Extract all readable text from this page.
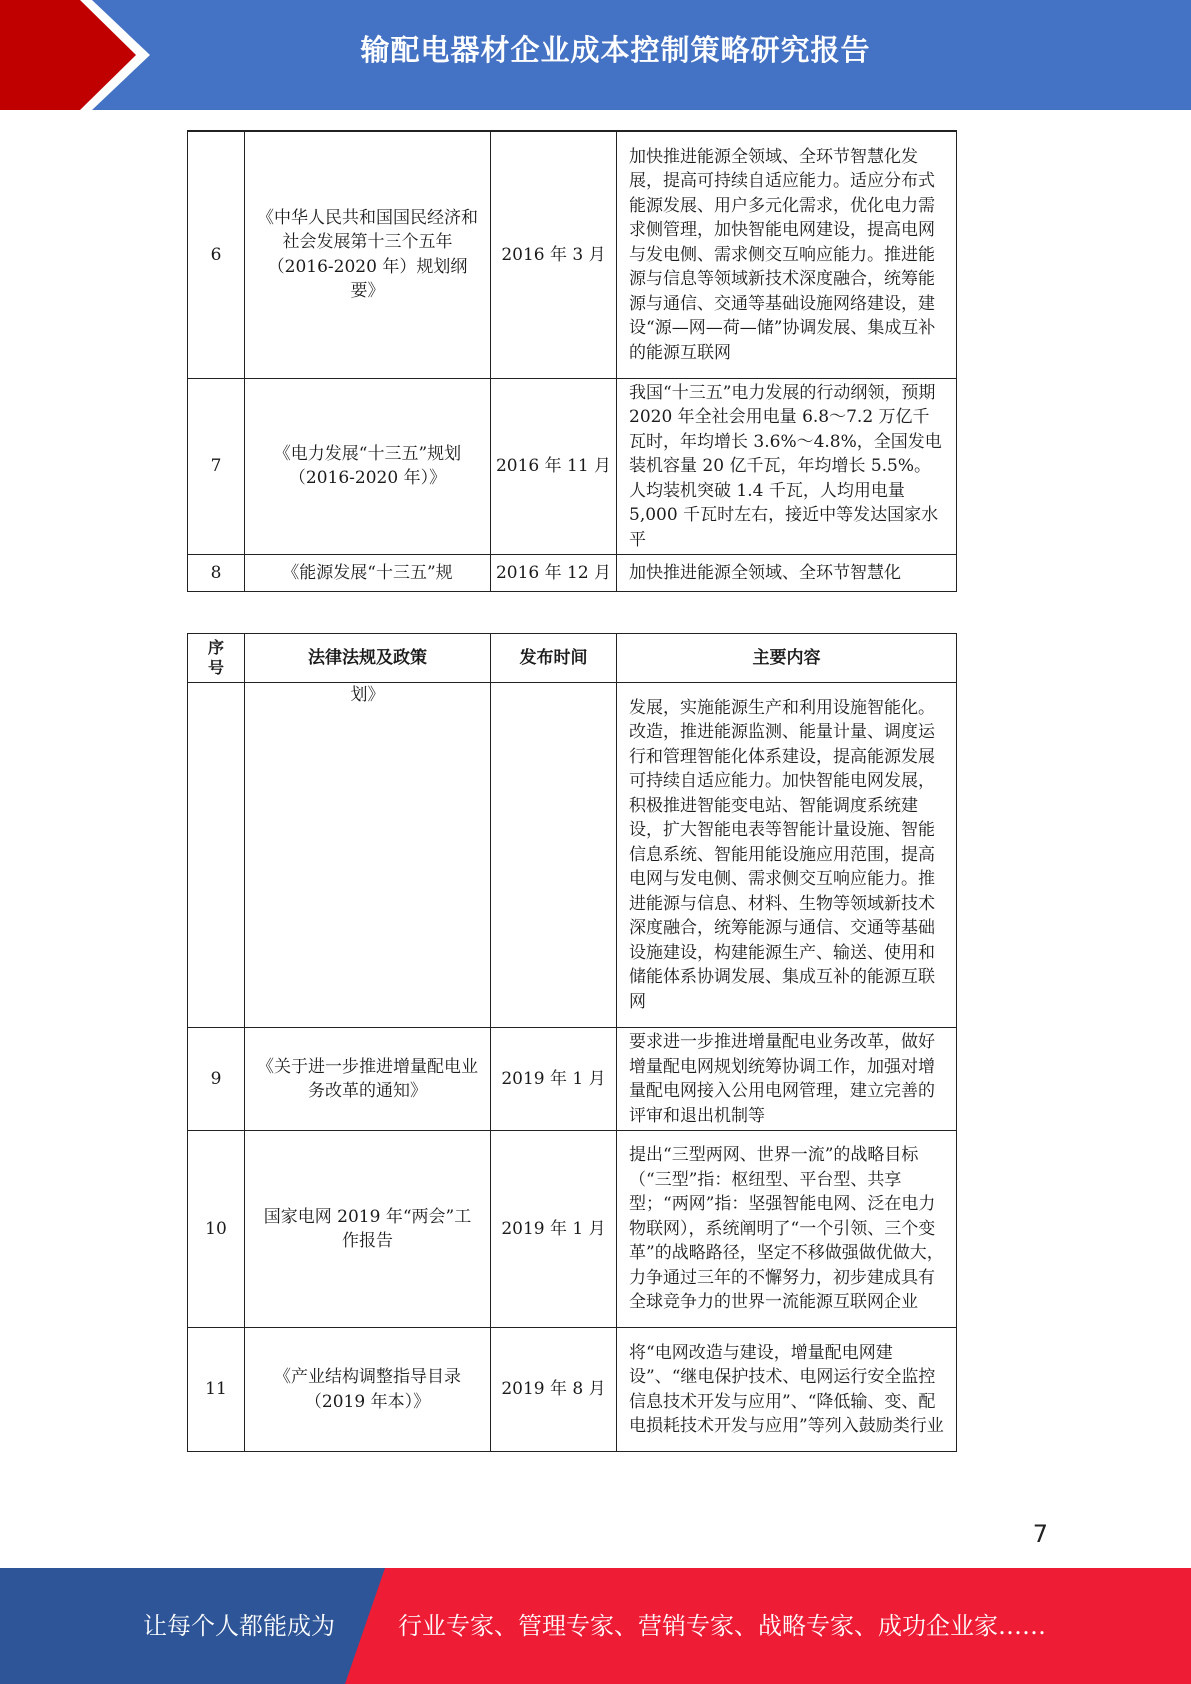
输配电器材企业成本控制策略研究报告
6	《中华人民共和国国民经济和社会发展第十三个五年（2016-2020 年）规划纲要》	2016 年 3 月	加快推进能源全领域、全环节智慧化发展，提高可持续自适应能力。适应分布式能源发展、用户多元化需求，优化电力需求侧管理，加快智能电网建设，提高电网与发电侧、需求侧交互响应能力。推进能源与信息等领域新技术深度融合，统筹能源与通信、交通等基础设施网络建设，建设“源—网—荷—储”协调发展、集成互补的能源互联网
7	《电力发展“十三五”规划（2016-2020 年）》	2016 年 11 月	我国“十三五”电力发展的行动纲领，预期 2020 年全社会用电量 6.8～7.2 万亿千瓦时，年均增长 3.6%～4.8%，全国发电装机容量 20 亿千瓦，年均增长 5.5%。人均装机突破 1.4 千瓦，人均用电量 5,000 千瓦时左右，接近中等发达国家水平
8	《能源发展“十三五”规	2016 年 12 月	加快推进能源全领域、全环节智慧化
序号	法律法规及政策	发布时间	主要内容
	划》		发展，实施能源生产和利用设施智能化。改造，推进能源监测、能量计量、调度运行和管理智能化体系建设，提高能源发展可持续自适应能力。加快智能电网发展，积极推进智能变电站、智能调度系统建设，扩大智能电表等智能计量设施、智能信息系统、智能用能设施应用范围，提高电网与发电侧、需求侧交互响应能力。推进能源与信息、材料、生物等领域新技术深度融合，统筹能源与通信、交通等基础设施建设，构建能源生产、输送、使用和储能体系协调发展、集成互补的能源互联网
9	《关于进一步推进增量配电业务改革的通知》	2019 年 1 月	要求进一步推进增量配电业务改革，做好增量配电网规划统筹协调工作，加强对增量配电网接入公用电网管理，建立完善的评审和退出机制等
10	国家电网 2019 年“两会”工作报告	2019 年 1 月	提出“三型两网、世界一流”的战略目标（“三型”指：枢纽型、平台型、共享型；“两网”指：坚强智能电网、泛在电力物联网），系统阐明了“一个引领、三个变革”的战略路径，坚定不移做强做优做大，力争通过三年的不懈努力，初步建成具有全球竞争力的世界一流能源互联网企业
11	《产业结构调整指导目录（2019 年本）》	2019 年 8 月	将“电网改造与建设，增量配电网建设”、“继电保护技术、电网运行安全监控信息技术开发与应用”、“降低输、变、配电损耗技术开发与应用”等列入鼓励类行业
7
让每个人都能成为	行业专家、管理专家、营销专家、战略专家、成功企业家……
